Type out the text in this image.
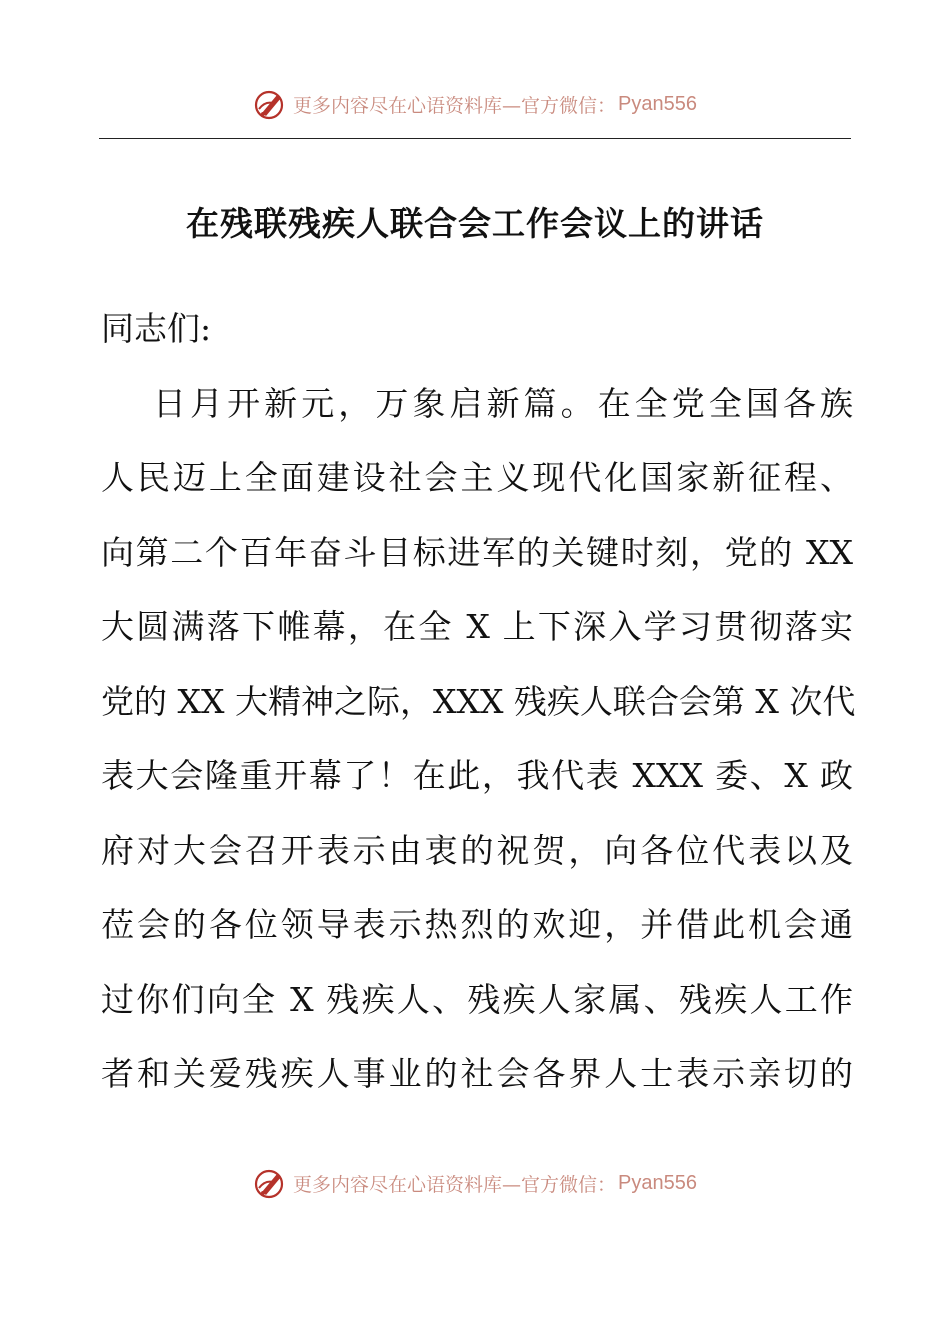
更多内容尽在心语资料库—官方微信： Pyan556
在残联残疾人联合会工作会议上的讲话
同志们:
日月开新元，万象启新篇。在全党全国各族
人民迈上全面建设社会主义现代化国家新征程、
向第二个百年奋斗目标进军的关键时刻，党的 XX
大圆满落下帷幕，在全 X 上下深入学习贯彻落实
党的 XX 大精神之际，XXX 残疾人联合会第 X 次代
表大会隆重开幕了！在此，我代表 XXX 委、X 政
府对大会召开表示由衷的祝贺，向各位代表以及
莅会的各位领导表示热烈的欢迎，并借此机会通
过你们向全 X 残疾人、残疾人家属、残疾人工作
者和关爱残疾人事业的社会各界人士表示亲切的
更多内容尽在心语资料库—官方微信： Pyan556
